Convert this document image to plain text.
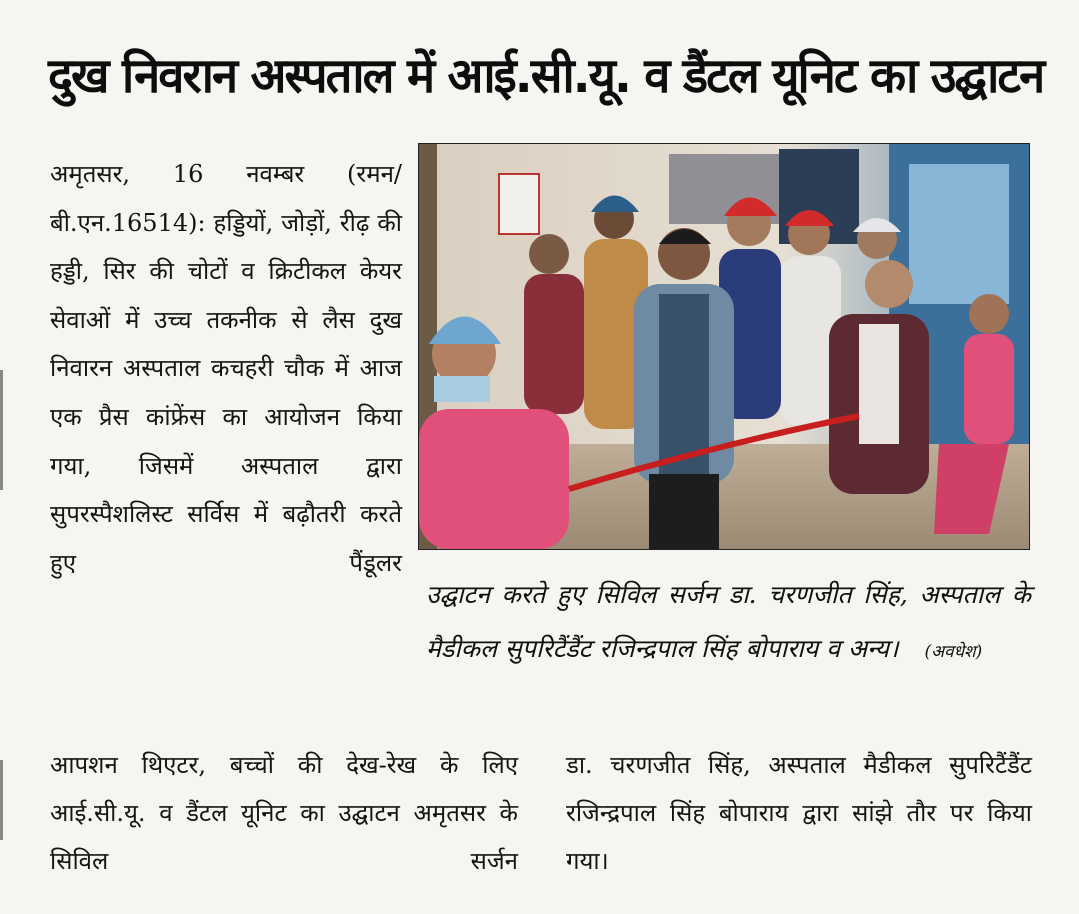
दुख निवरान अस्पताल में आई.सी.यू. व डैंटल यूनिट का उद्घाटन
अमृतसर, 16 नवम्बर (रमन/ बी.एन.16514): हड्डियों, जोड़ों, रीढ़ की हड्डी, सिर की चोटों व क्रिटीकल केयर सेवाओं में उच्च तकनीक से लैस दुख निवारन अस्पताल कचहरी चौक में आज एक प्रैस कांफ्रेंस का आयोजन किया गया, जिसमें अस्पताल द्वारा सुपरस्पैशलिस्ट सर्विस में बढ़ौतरी करते हुए पैंडूलर
उद्घाटन करते हुए सिविल सर्जन डा. चरणजीत सिंह, अस्पताल के मैडीकल सुपरिटैंडैंट रजिन्द्रपाल सिंह बोपाराय व अन्य। (अवधेश)
आपशन थिएटर, बच्चों की देख-रेख के लिए आई.सी.यू. व डैंटल यूनिट का उद्घाटन अमृतसर के सिविल सर्जन
डा. चरणजीत सिंह, अस्पताल मैडीकल सुपरिटैंडैंट रजिन्द्रपाल सिंह बोपाराय द्वारा सांझे तौर पर किया गया।
